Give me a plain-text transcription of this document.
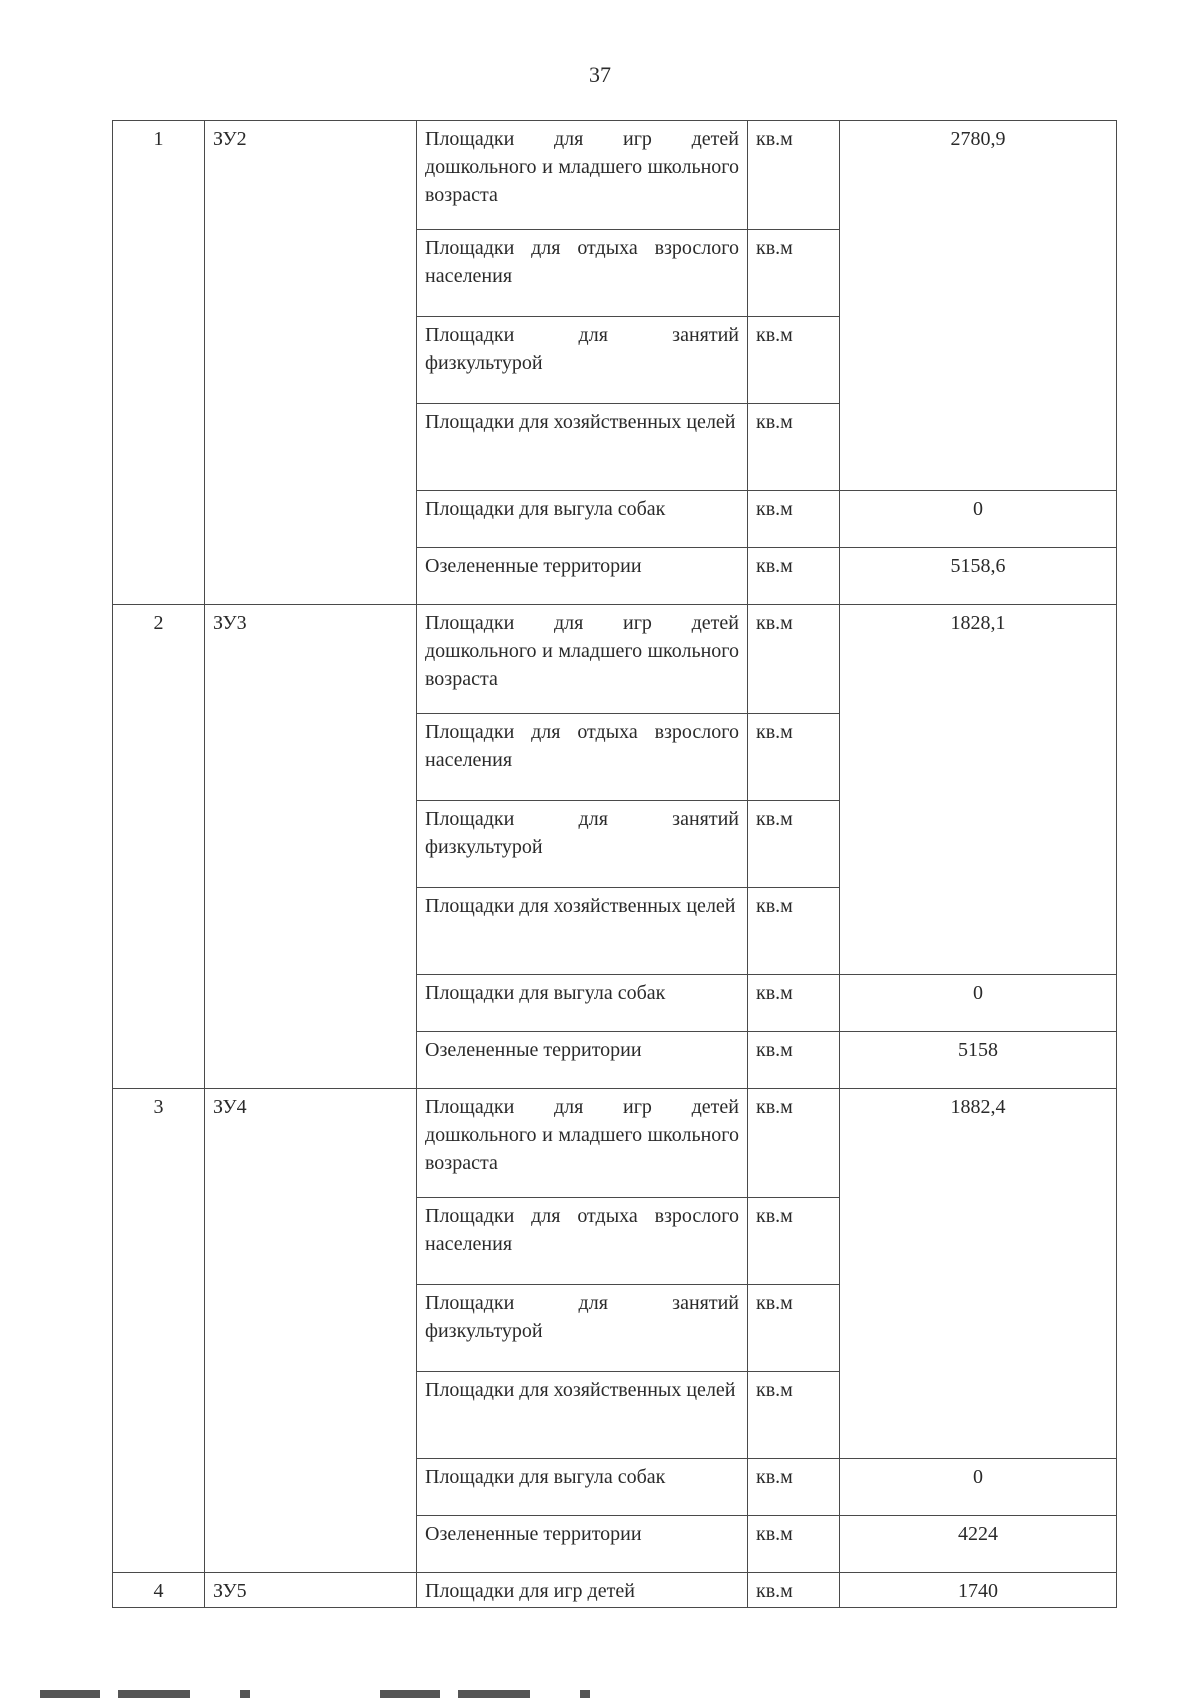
37
1	ЗУ2	Площадки для игр детей дошкольного и младшего школьного возраста	кв.м	2780,9
		Площадки для отдыха взрослого населения	кв.м	
		Площадки для занятий физкультурой	кв.м	
		Площадки для хозяйственных целей	кв.м	
		Площадки для выгула собак	кв.м	0
		Озелененные территории	кв.м	5158,6
2	ЗУ3	Площадки для игр детей дошкольного и младшего школьного возраста	кв.м	1828,1
		Площадки для отдыха взрослого населения	кв.м	
		Площадки для занятий физкультурой	кв.м	
		Площадки для хозяйственных целей	кв.м	
		Площадки для выгула собак	кв.м	0
		Озелененные территории	кв.м	5158
3	ЗУ4	Площадки для игр детей дошкольного и младшего школьного возраста	кв.м	1882,4
		Площадки для отдыха взрослого населения	кв.м	
		Площадки для занятий физкультурой	кв.м	
		Площадки для хозяйственных целей	кв.м	
		Площадки для выгула собак	кв.м	0
		Озелененные территории	кв.м	4224
4	ЗУ5	Площадки для игр детей	кв.м	1740
